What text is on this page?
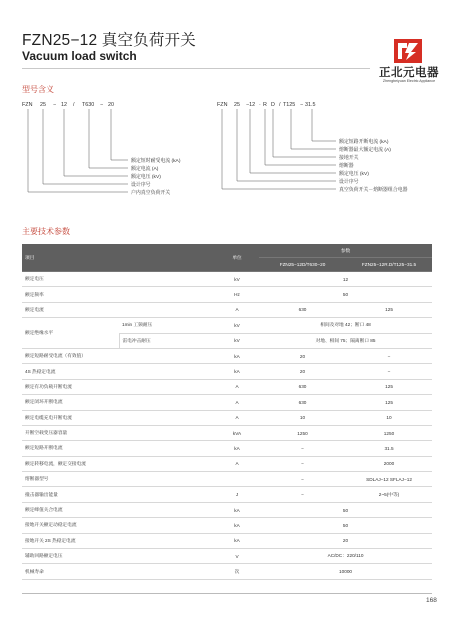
FZN25−12 真空负荷开关
Vacuum load switch
正北元电器
Zhengbeiyuan Electric Appliance
型号含义
FZN 25 − 12 / T630 − 20
额定短时耐受电流 (kA)
额定电流 (A)
额定电压 (kV)
设计序号
户内真空负荷开关
FZN 25 −12 · R D / T125 − 31.5
额定短路开断电流 (kA)
熔断器最大额定电流 (A)
接地开关
熔断器
额定电压 (kV)
设计序号
真空负荷开关－熔断器组合电器
主要技术参数
项目		单位	参数	
			FZN25−12D/T630−20	FZN25−12R.D/T125−31.5
额定电压		kV	12	
额定频率		Hz	50	
额定电流		A	630	125
额定绝缘水平	1min 工频耐压	kV	相间及对地 42；断口 48	
	雷电冲击耐压	kV	对地、相间 75；隔离断口 85	
额定短路耐受电流（有效值）		kA	20	−
4S 热稳定电流		kA	20	−
额定有功负载开断电流		A	630	125
额定闭环开断电流		A	630	125
额定电缆充电开断电流		A	10	10
开断空载变压器容量		kVA	1250	1250
额定短路开断电流		kA	−	31.5
额定转移电流，额定交接电流		A	−	2000
熔断器型号			−	SDLAJ−12 SFLAJ−12
撞击器输出能量		J	−	2~5(中等)
额定峰值关合电流		kA	50	
接地开关额定动稳定电流		kA	50	
接地开关 2S 热稳定电流		kA	20	
辅助回路额定电压		V	AC/DC：220/110	
机械寿命		次	10000	
168
